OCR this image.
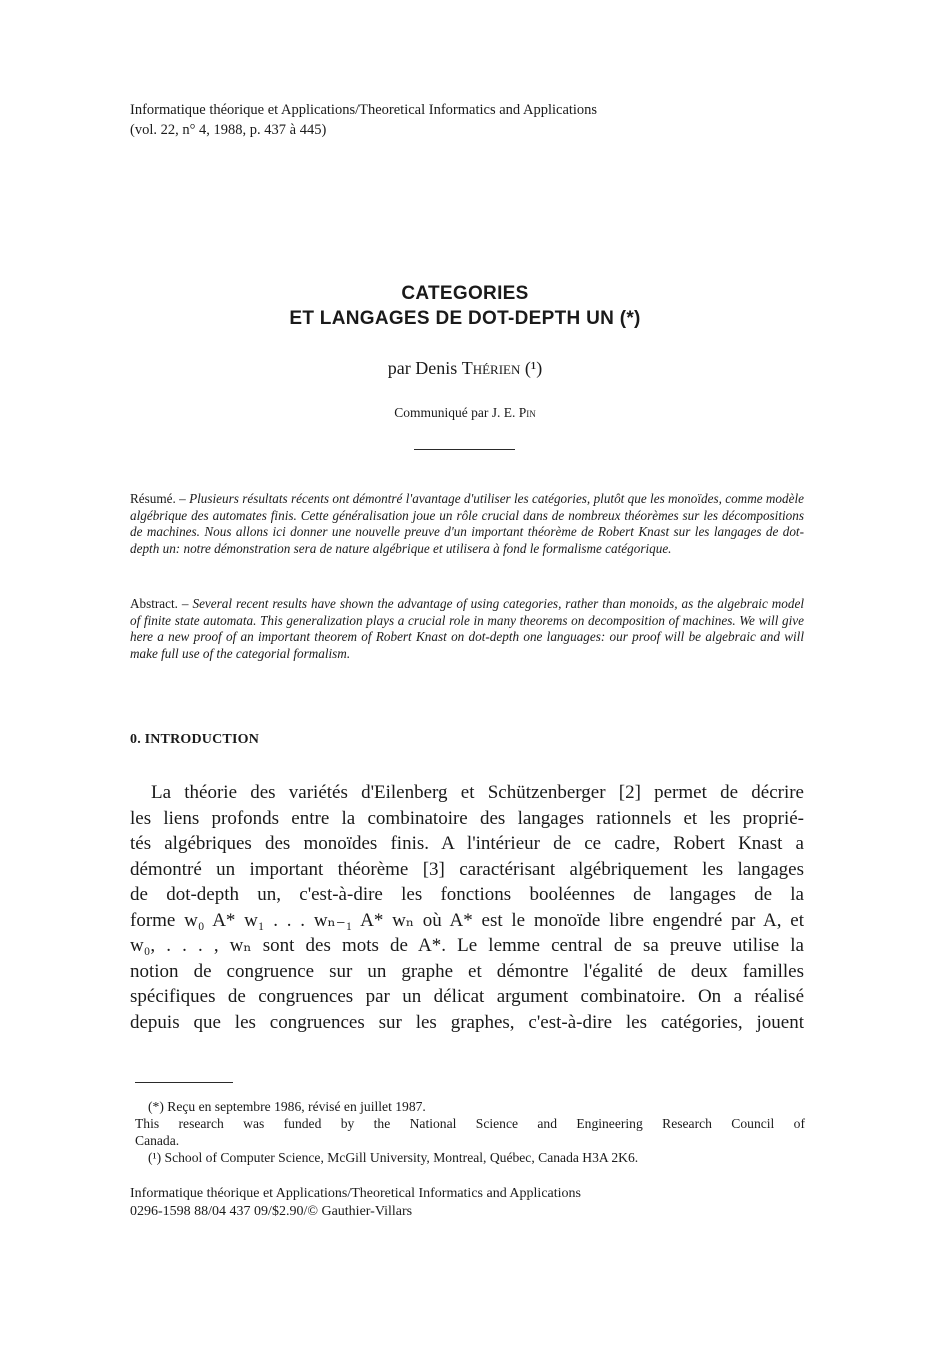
Informatique théorique et Applications/Theoretical Informatics and Applications
(vol. 22, n° 4, 1988, p. 437 à 445)
CATEGORIES
ET LANGAGES DE DOT-DEPTH UN (*)
par Denis Thérien (¹)
Communiqué par J. E. Pin
Résumé. – Plusieurs résultats récents ont démontré l'avantage d'utiliser les catégories, plutôt que les monoïdes, comme modèle algébrique des automates finis. Cette généralisation joue un rôle crucial dans de nombreux théorèmes sur les décompositions de machines. Nous allons ici donner une nouvelle preuve d'un important théorème de Robert Knast sur les langages de dot-depth un: notre démonstration sera de nature algébrique et utilisera à fond le formalisme catégorique.
Abstract. – Several recent results have shown the advantage of using categories, rather than monoids, as the algebraic model of finite state automata. This generalization plays a crucial role in many theorems on decomposition of machines. We will give here a new proof of an important theorem of Robert Knast on dot-depth one languages: our proof will be algebraic and will make full use of the categorial formalism.
0. INTRODUCTION
La théorie des variétés d'Eilenberg et Schützenberger [2] permet de décrire
les liens profonds entre la combinatoire des langages rationnels et les proprié-
tés algébriques des monoïdes finis. A l'intérieur de ce cadre, Robert Knast a
démontré un important théorème [3] caractérisant algébriquement les langages
de dot-depth un, c'est-à-dire les fonctions booléennes de langages de la
forme w₀ A* w₁ . . . wₙ₋₁ A* wₙ où A* est le monoïde libre engendré par A, et
w₀, . . . , wₙ sont des mots de A*. Le lemme central de sa preuve utilise la
notion de congruence sur un graphe et démontre l'égalité de deux familles
spécifiques de congruences par un délicat argument combinatoire. On a réalisé
depuis que les congruences sur les graphes, c'est-à-dire les catégories, jouent
(*) Reçu en septembre 1986, révisé en juillet 1987.
This research was funded by the National Science and Engineering Research Council of
Canada.
(¹) School of Computer Science, McGill University, Montreal, Québec, Canada H3A 2K6.
Informatique théorique et Applications/Theoretical Informatics and Applications
0296-1598 88/04 437 09/$2.90/© Gauthier-Villars
